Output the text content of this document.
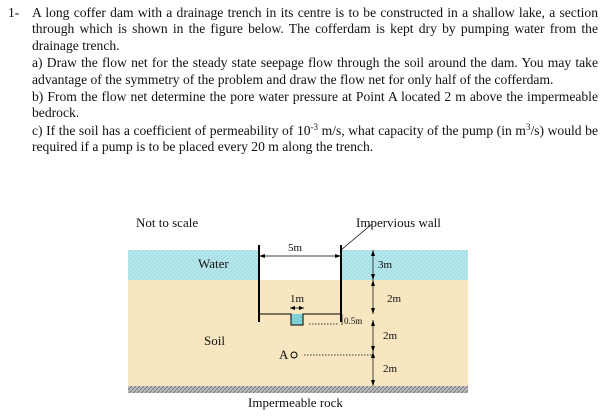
1- A long coffer dam with a drainage trench in its centre is to be constructed in a shallow lake, a section through which is shown in the figure below. The cofferdam is kept dry by pumping water from the drainage trench.

a) Draw the flow net for the steady state seepage flow through the soil around the dam. You may take advantage of the symmetry of the problem and draw the flow net for only half of the cofferdam.

b) From the flow net determine the pore water pressure at Point A located 2 m above the impermeable bedrock.

c) If the soil has a coefficient of permeability of $10^{-3}$ m/s, what capacity of the pump (in $m^3/s$) would be required if a pump is to be placed every 20 m along the trench.

Not to scale	Impervious wall
Water
Soil
5m
1m
0.5m
3m
2m
2m
2m
A
Impermeable rock
